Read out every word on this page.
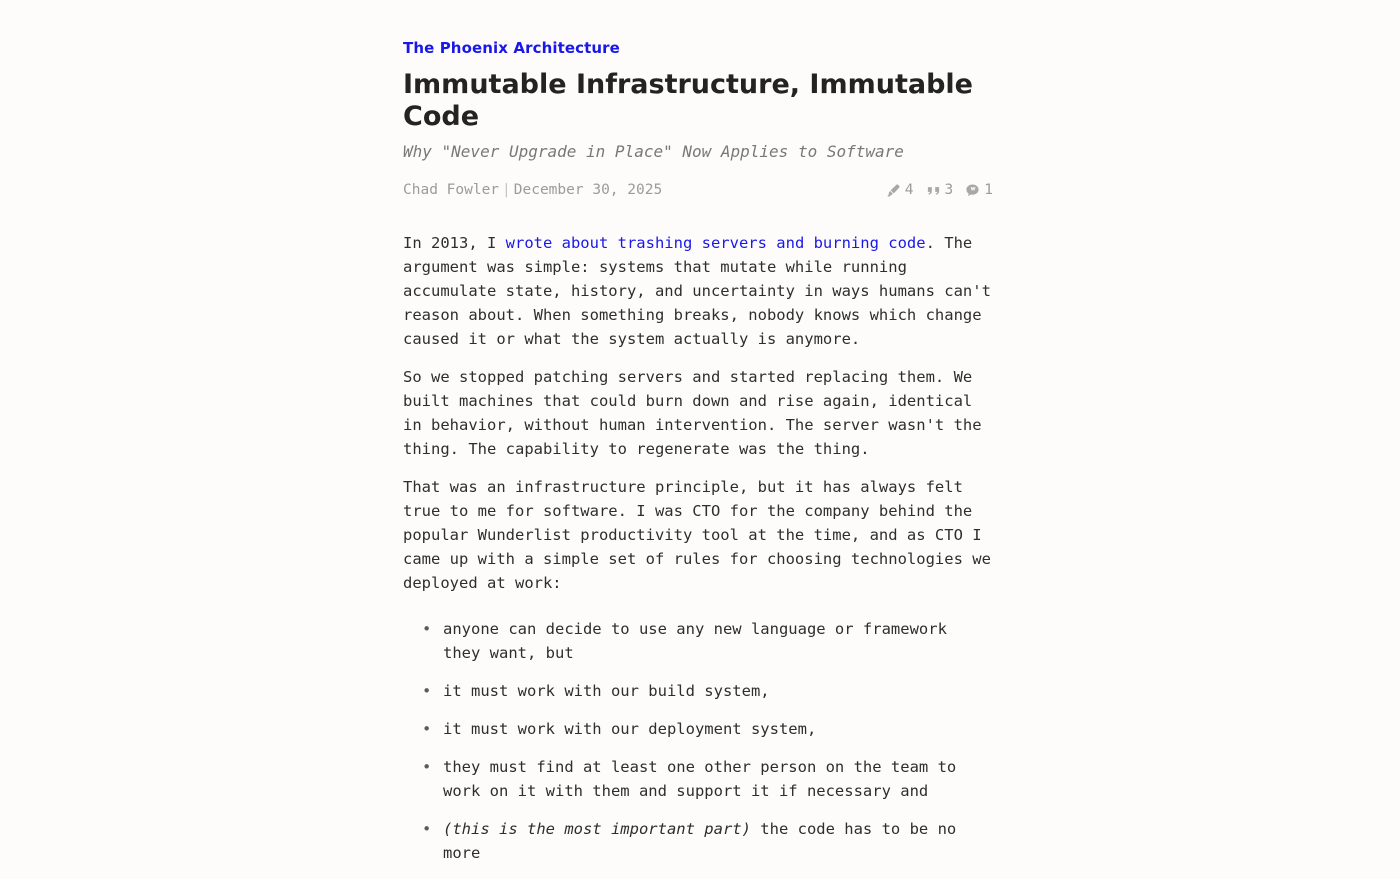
The Phoenix Architecture
Immutable Infrastructure, Immutable Code
Why "Never Upgrade in Place" Now Applies to Software
Chad Fowler | December 30, 2025	4 3 1

In 2013, I wrote about trashing servers and burning code. The argument was simple: systems that mutate while running accumulate state, history, and uncertainty in ways humans can't reason about. When something breaks, nobody knows which change caused it or what the system actually is anymore.

So we stopped patching servers and started replacing them. We built machines that could burn down and rise again, identical in behavior, without human intervention. The server wasn't the thing. The capability to regenerate was the thing.

That was an infrastructure principle, but it has always felt true to me for software. I was CTO for the company behind the popular Wunderlist productivity tool at the time, and as CTO I came up with a simple set of rules for choosing technologies we deployed at work:

• anyone can decide to use any new language or framework they want, but
• it must work with our build system,
• it must work with our deployment system,
• they must find at least one other person on the team to work on it with them and support it if necessary and
• (this is the most important part) the code has to be no more
